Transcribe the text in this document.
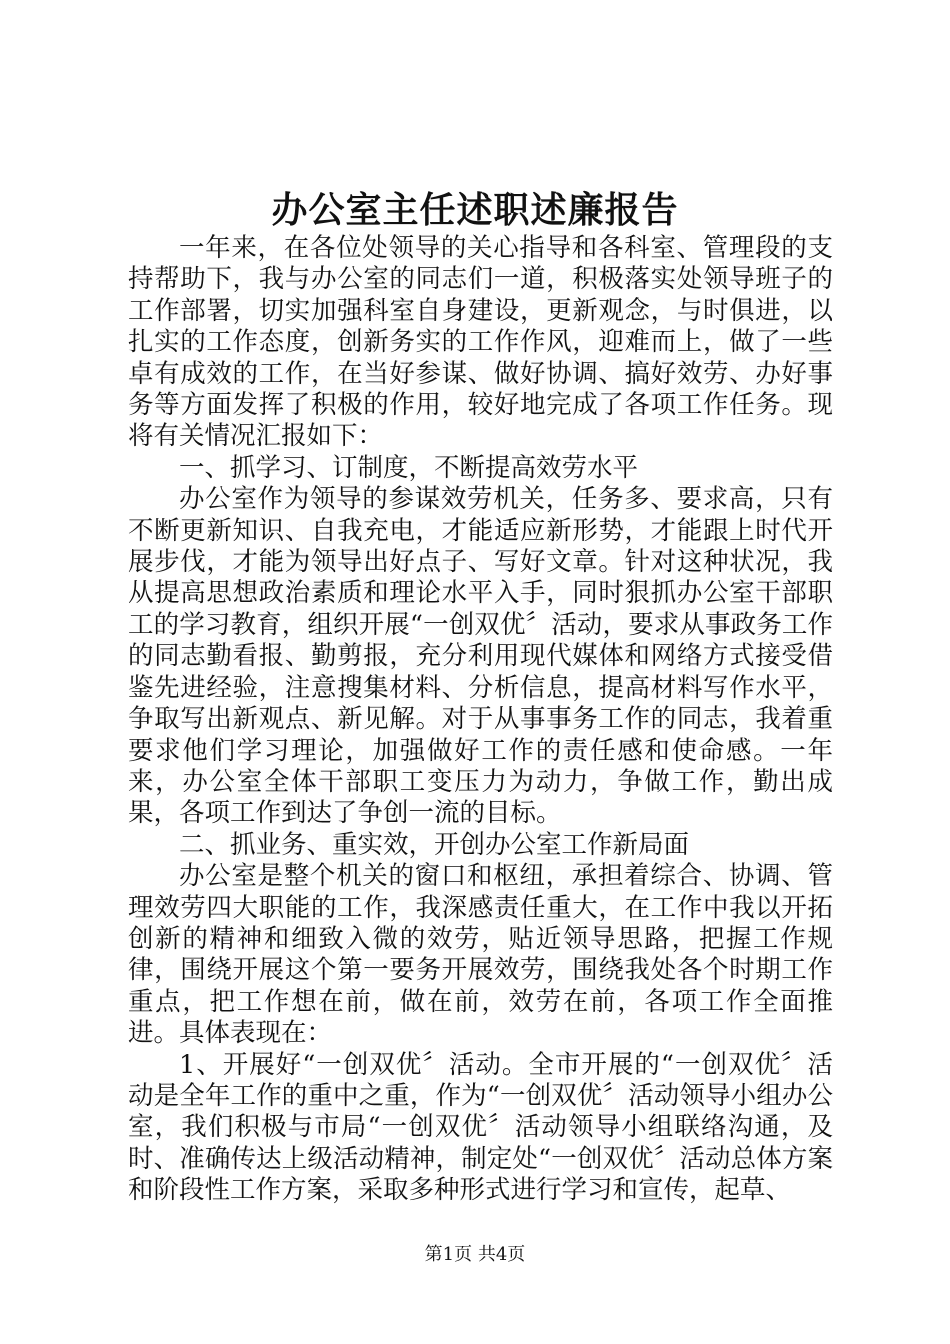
办公室主任述职述廉报告

一年来，在各位处领导的关心指导和各科室、管理段的支持帮助下，我与办公室的同志们一道，积极落实处领导班子的工作部署，切实加强科室自身建设，更新观念，与时俱进，以扎实的工作态度，创新务实的工作作风，迎难而上，做了一些卓有成效的工作，在当好参谋、做好协调、搞好效劳、办好事务等方面发挥了积极的作用，较好地完成了各项工作任务。现将有关情况汇报如下：

一、抓学习、订制度，不断提高效劳水平

办公室作为领导的参谋效劳机关，任务多、要求高，只有不断更新知识、自我充电，才能适应新形势，才能跟上时代开展步伐，才能为领导出好点子、写好文章。针对这种状况，我从提高思想政治素质和理论水平入手，同时狠抓办公室干部职工的学习教育，组织开展“一创双优〞活动，要求从事政务工作的同志勤看报、勤剪报，充分利用现代媒体和网络方式接受借鉴先进经验，注意搜集材料、分析信息，提高材料写作水平，争取写出新观点、新见解。对于从事事务工作的同志，我着重要求他们学习理论，加强做好工作的责任感和使命感。一年来，办公室全体干部职工变压力为动力，争做工作，勤出成果，各项工作到达了争创一流的目标。

二、抓业务、重实效，开创办公室工作新局面

办公室是整个机关的窗口和枢纽，承担着综合、协调、管理效劳四大职能的工作，我深感责任重大，在工作中我以开拓创新的精神和细致入微的效劳，贴近领导思路，把握工作规律，围绕开展这个第一要务开展效劳，围绕我处各个时期工作重点，把工作想在前，做在前，效劳在前，各项工作全面推进。具体表现在：

1、开展好“一创双优〞活动。全市开展的“一创双优〞活动是全年工作的重中之重，作为“一创双优〞活动领导小组办公室，我们积极与市局“一创双优〞活动领导小组联络沟通，及时、准确传达上级活动精神，制定处“一创双优〞活动总体方案和阶段性工作方案，采取多种形式进行学习和宣传，起草、

第1页 共4页
